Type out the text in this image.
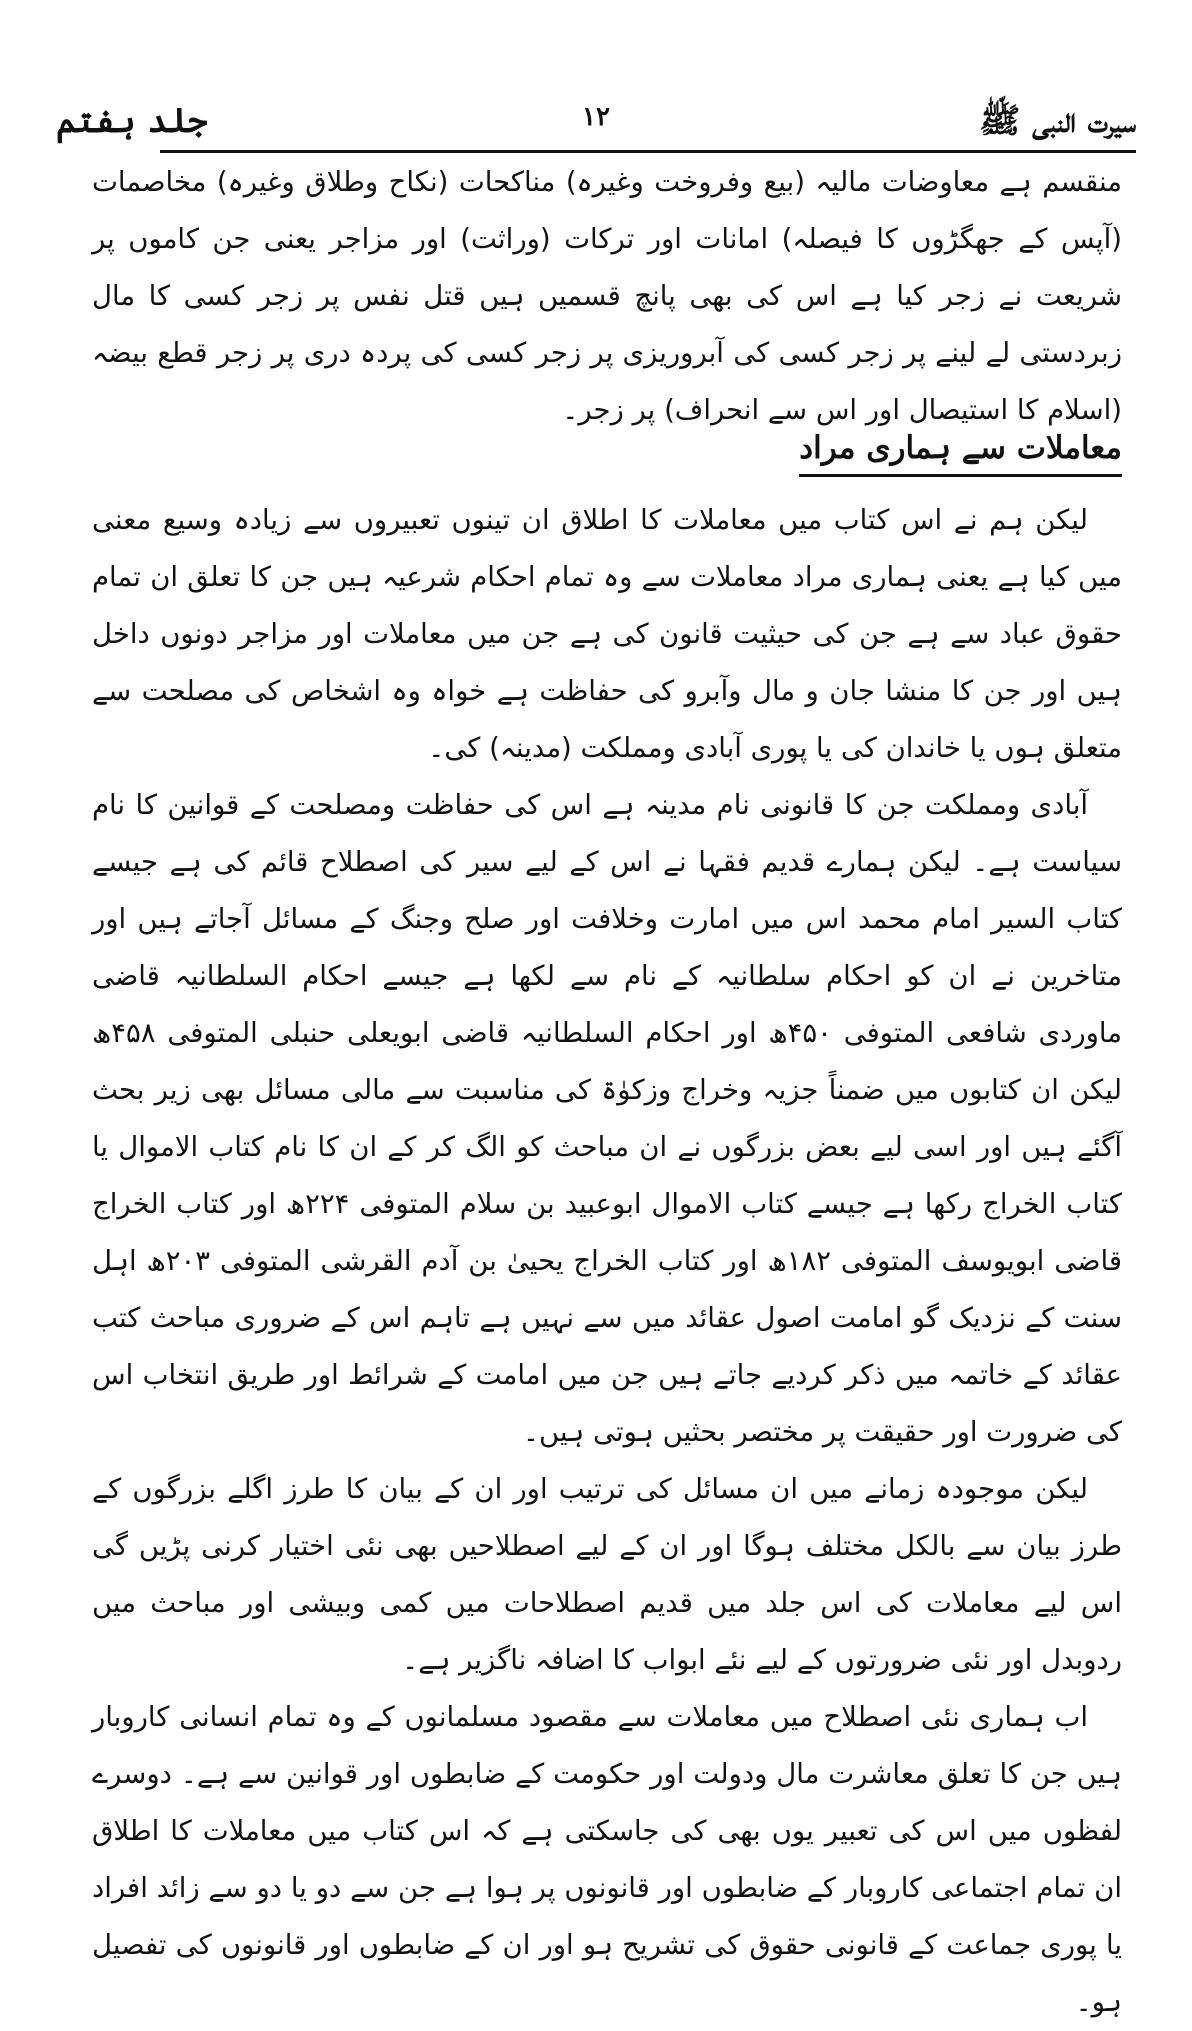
سیرت النبی ﷺ
۱۲
جلد ہفتم

منقسم ہے معاوضات مالیہ (بیع وفروخت وغیرہ) مناکحات (نکاح وطلاق وغیرہ) مخاصمات (آپس کے جھگڑوں کا فیصلہ) امانات اور ترکات (وراثت) اور مزاجر یعنی جن کاموں پر شریعت نے زجر کیا ہے اس کی بھی پانچ قسمیں ہیں قتل نفس پر زجر کسی کا مال زبردستی لے لینے پر زجر کسی کی آبروریزی پر زجر کسی کی پردہ دری پر زجر قطع بیضہ (اسلام کا استیصال اور اس سے انحراف) پر زجر۔

معاملات سے ہماری مراد

لیکن ہم نے اس کتاب میں معاملات کا اطلاق ان تینوں تعبیروں سے زیادہ وسیع معنی میں کیا ہے یعنی ہماری مراد معاملات سے وہ تمام احکام شرعیہ ہیں جن کا تعلق ان تمام حقوق عباد سے ہے جن کی حیثیت قانون کی ہے جن میں معاملات اور مزاجر دونوں داخل ہیں اور جن کا منشا جان و مال وآبرو کی حفاظت ہے خواہ وہ اشخاص کی مصلحت سے متعلق ہوں یا خاندان کی یا پوری آبادی ومملکت (مدینہ) کی۔

آبادی ومملکت جن کا قانونی نام مدینہ ہے اس کی حفاظت ومصلحت کے قوانین کا نام سیاست ہے۔ لیکن ہمارے قدیم فقہا نے اس کے لیے سیر کی اصطلاح قائم کی ہے جیسے کتاب السیر امام محمد اس میں امارت وخلافت اور صلح وجنگ کے مسائل آجاتے ہیں اور متاخرین نے ان کو احکام سلطانیہ کے نام سے لکھا ہے جیسے احکام السلطانیہ قاضی ماوردی شافعی المتوفی ۴۵۰ھ اور احکام السلطانیہ قاضی ابویعلی حنبلی المتوفی ۴۵۸ھ لیکن ان کتابوں میں ضمناً جزیہ وخراج وزکوٰۃ کی مناسبت سے مالی مسائل بھی زیر بحث آگئے ہیں اور اسی لیے بعض بزرگوں نے ان مباحث کو الگ کر کے ان کا نام کتاب الاموال یا کتاب الخراج رکھا ہے جیسے کتاب الاموال ابوعبید بن سلام المتوفی ۲۲۴ھ اور کتاب الخراج قاضی ابویوسف المتوفی ۱۸۲ھ اور کتاب الخراج یحییٰ بن آدم القرشی المتوفی ۲۰۳ھ اہل سنت کے نزدیک گو امامت اصول عقائد میں سے نہیں ہے تاہم اس کے ضروری مباحث کتب عقائد کے خاتمہ میں ذکر کردیے جاتے ہیں جن میں امامت کے شرائط اور طریق انتخاب اس کی ضرورت اور حقیقت پر مختصر بحثیں ہوتی ہیں۔

لیکن موجودہ زمانے میں ان مسائل کی ترتیب اور ان کے بیان کا طرز اگلے بزرگوں کے طرز بیان سے بالکل مختلف ہوگا اور ان کے لیے اصطلاحیں بھی نئی اختیار کرنی پڑیں گی اس لیے معاملات کی اس جلد میں قدیم اصطلاحات میں کمی وبیشی اور مباحث میں ردوبدل اور نئی ضرورتوں کے لیے نئے ابواب کا اضافہ ناگزیر ہے۔

اب ہماری نئی اصطلاح میں معاملات سے مقصود مسلمانوں کے وہ تمام انسانی کاروبار ہیں جن کا تعلق معاشرت مال ودولت اور حکومت کے ضابطوں اور قوانین سے ہے۔ دوسرے لفظوں میں اس کی تعبیر یوں بھی کی جاسکتی ہے کہ اس کتاب میں معاملات کا اطلاق ان تمام اجتماعی کاروبار کے ضابطوں اور قانونوں پر ہوا ہے جن سے دو یا دو سے زائد افراد یا پوری جماعت کے قانونی حقوق کی تشریح ہو اور ان کے ضابطوں اور قانونوں کی تفصیل ہو۔
